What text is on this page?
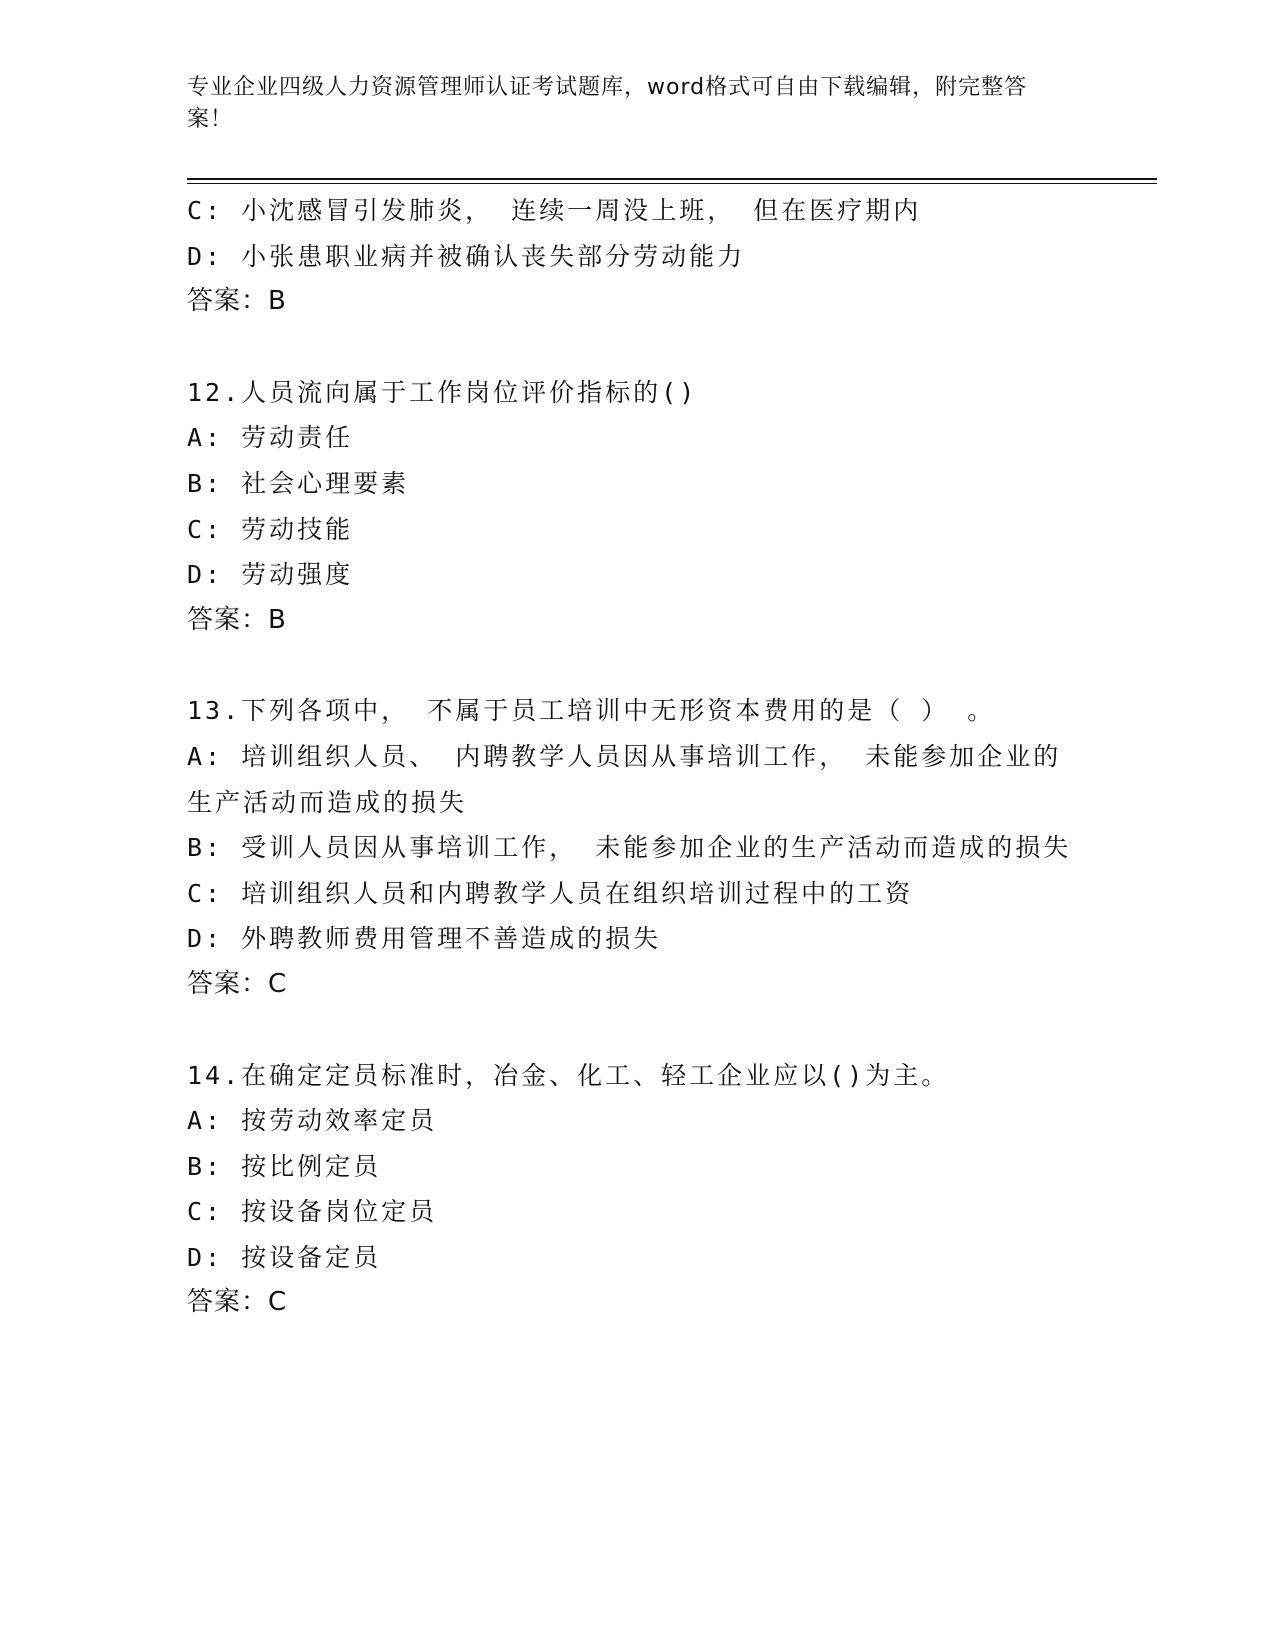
专业企业四级人力资源管理师认证考试题库，word格式可自由下载编辑，附完整答案！
C: 小沈感冒引发肺炎， 连续一周没上班， 但在医疗期内
D: 小张患职业病并被确认丧失部分劳动能力
答案：B
12.人员流向属于工作岗位评价指标的()
A: 劳动责任
B: 社会心理要素
C: 劳动技能
D: 劳动强度
答案：B
13.下列各项中， 不属于员工培训中无形资本费用的是（ ） 。
A: 培训组织人员、 内聘教学人员因从事培训工作， 未能参加企业的生产活动而造成的损失
B: 受训人员因从事培训工作， 未能参加企业的生产活动而造成的损失
C: 培训组织人员和内聘教学人员在组织培训过程中的工资
D: 外聘教师费用管理不善造成的损失
答案：C
14.在确定定员标准时，冶金、化工、轻工企业应以()为主。
A: 按劳动效率定员
B: 按比例定员
C: 按设备岗位定员
D: 按设备定员
答案：C
